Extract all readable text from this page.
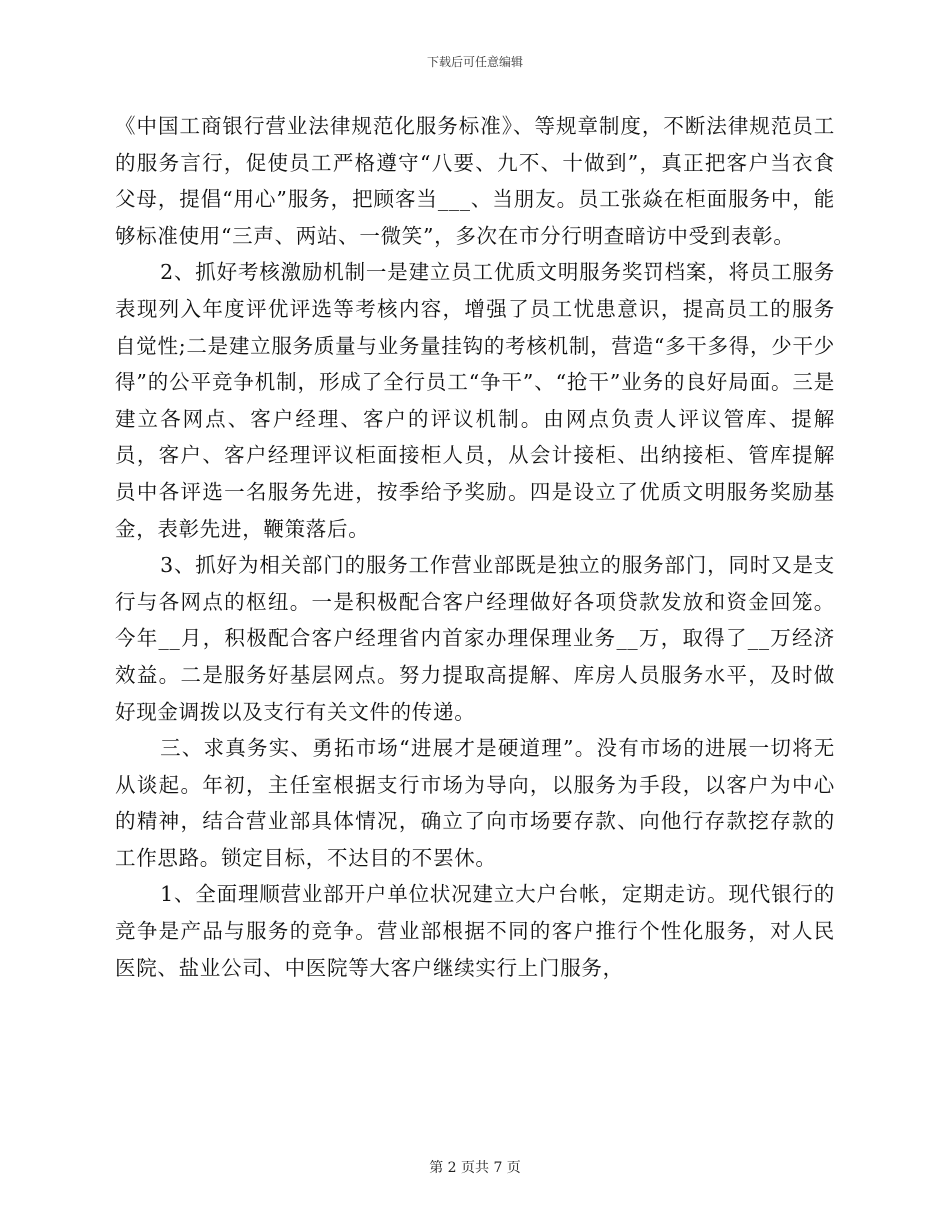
下载后可任意编辑

《中国工商银行营业法律规范化服务标准》、等规章制度，不断法律规范员工的服务言行，促使员工严格遵守“八要、九不、十做到”，真正把客户当衣食父母，提倡“用心”服务，把顾客当___、当朋友。员工张焱在柜面服务中，能够标准使用“三声、两站、一微笑”，多次在市分行明查暗访中受到表彰。

2、抓好考核激励机制一是建立员工优质文明服务奖罚档案，将员工服务表现列入年度评优评选等考核内容，增强了员工忧患意识，提高员工的服务自觉性;二是建立服务质量与业务量挂钩的考核机制，营造“多干多得，少干少得”的公平竞争机制，形成了全行员工“争干”、“抢干”业务的良好局面。三是建立各网点、客户经理、客户的评议机制。由网点负责人评议管库、提解员，客户、客户经理评议柜面接柜人员，从会计接柜、出纳接柜、管库提解员中各评选一名服务先进，按季给予奖励。四是设立了优质文明服务奖励基金，表彰先进，鞭策落后。

3、抓好为相关部门的服务工作营业部既是独立的服务部门，同时又是支行与各网点的枢纽。一是积极配合客户经理做好各项贷款发放和资金回笼。今年__月，积极配合客户经理省内首家办理保理业务__万，取得了__万经济效益。二是服务好基层网点。努力提取高提解、库房人员服务水平，及时做好现金调拨以及支行有关文件的传递。

三、求真务实、勇拓市场“进展才是硬道理”。没有市场的进展一切将无从谈起。年初，主任室根据支行市场为导向，以服务为手段，以客户为中心的精神，结合营业部具体情况，确立了向市场要存款、向他行存款挖存款的工作思路。锁定目标，不达目的不罢休。

1、全面理顺营业部开户单位状况建立大户台帐，定期走访。现代银行的竞争是产品与服务的竞争。营业部根据不同的客户推行个性化服务，对人民医院、盐业公司、中医院等大客户继续实行上门服务，

第 2 页共 7 页
